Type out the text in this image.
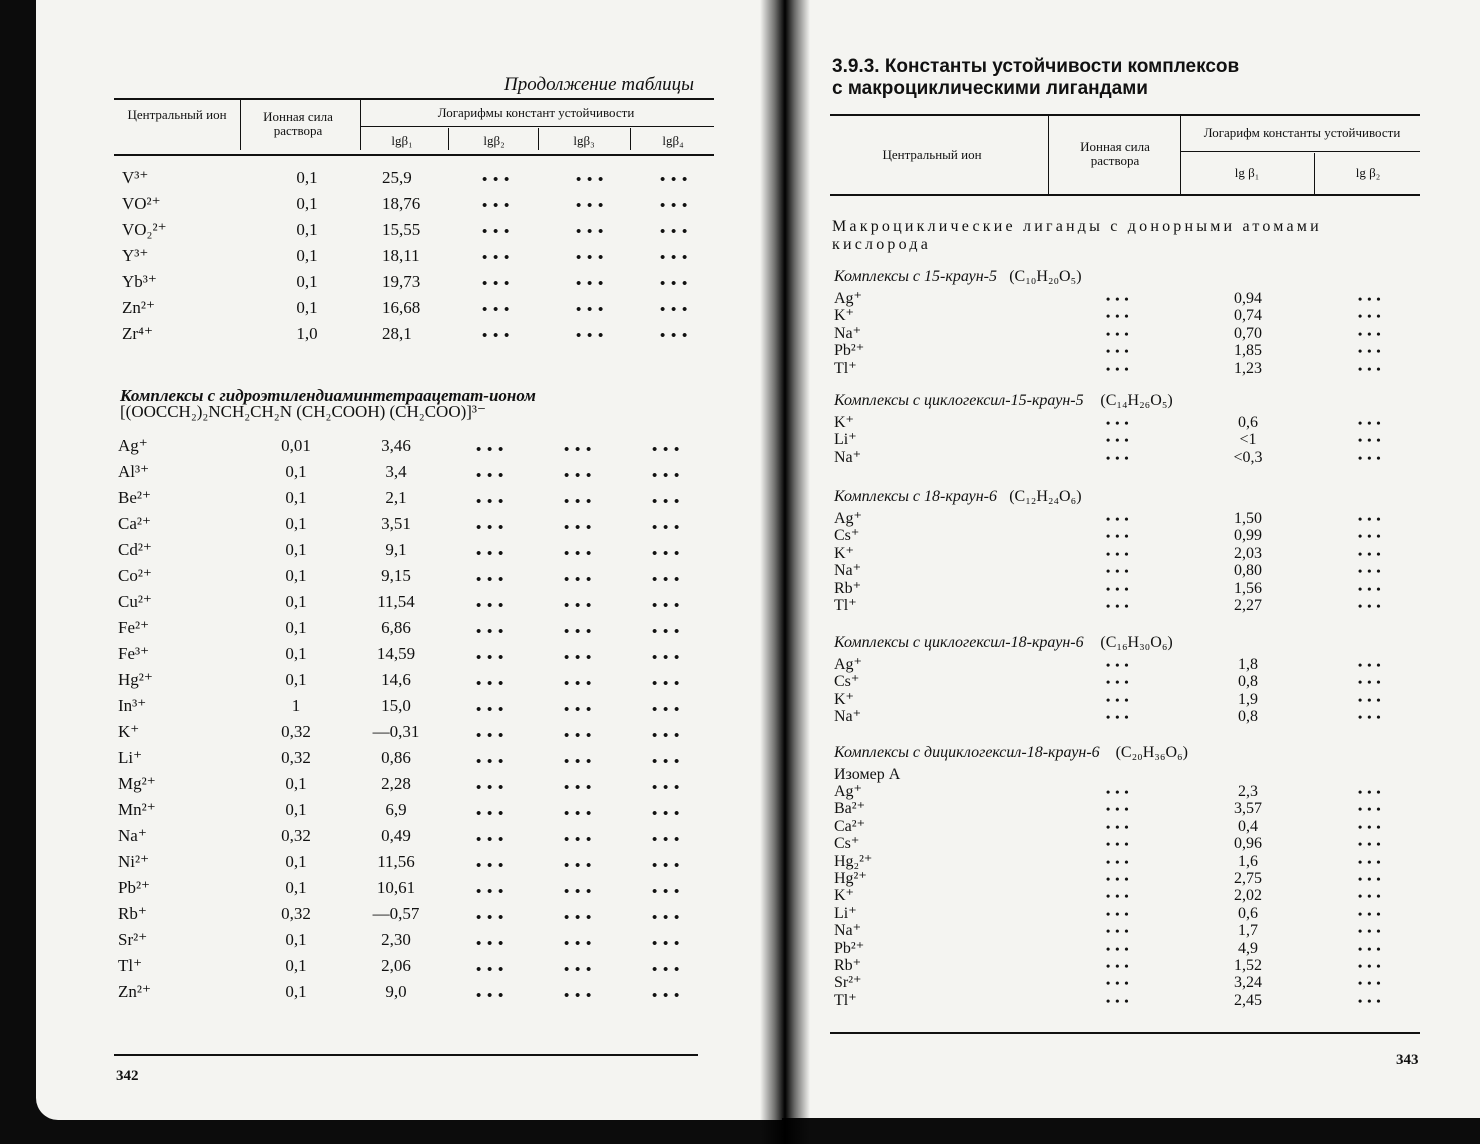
Продолжение таблицы
Центральный ион	Ионная сила раствора
Логарифмы констант устойчивости
lgβ₁	lgβ₂	lgβ₃	lgβ₄
V³⁺	0,1	25,9	• • •	• • •	• • •
VO²⁺	0,1	18,76	• • •	• • •	• • •
VO₂²⁺	0,1	15,55	• • •	• • •	• • •
Y³⁺	0,1	18,11	• • •	• • •	• • •
Yb³⁺	0,1	19,73	• • •	• • •	• • •
Zn²⁺	0,1	16,68	• • •	• • •	• • •
Zr⁴⁺	1,0	28,1	• • •	• • •	• • •
Комплексы с гидроэтилендиаминтетраацетат-ионом
[(OOCCH₂)₂NCH₂CH₂N (CH₂COOH) (CH₂COO)]³⁻
Ag⁺	0,01	3,46	• • •	• • •	• • •
Al³⁺	0,1	3,4	• • •	• • •	• • •
Be²⁺	0,1	2,1	• • •	• • •	• • •
Ca²⁺	0,1	3,51	• • •	• • •	• • •
Cd²⁺	0,1	9,1	• • •	• • •	• • •
Co²⁺	0,1	9,15	• • •	• • •	• • •
Cu²⁺	0,1	11,54	• • •	• • •	• • •
Fe²⁺	0,1	6,86	• • •	• • •	• • •
Fe³⁺	0,1	14,59	• • •	• • •	• • •
Hg²⁺	0,1	14,6	• • •	• • •	• • •
In³⁺	1	15,0	• • •	• • •	• • •
K⁺	0,32	—0,31	• • •	• • •	• • •
Li⁺	0,32	0,86	• • •	• • •	• • •
Mg²⁺	0,1	2,28	• • •	• • •	• • •
Mn²⁺	0,1	6,9	• • •	• • •	• • •
Na⁺	0,32	0,49	• • •	• • •	• • •
Ni²⁺	0,1	11,56	• • •	• • •	• • •
Pb²⁺	0,1	10,61	• • •	• • •	• • •
Rb⁺	0,32	—0,57	• • •	• • •	• • •
Sr²⁺	0,1	2,30	• • •	• • •	• • •
Tl⁺	0,1	2,06	• • •	• • •	• • •
Zn²⁺	0,1	9,0	• • •	• • •	• • •
342
3.9.3. Константы устойчивости комплексов
с макроциклическими лигандами
Центральный ион
Ионная сила раствора
Логарифм константы устойчивости
lg β₁	lg β₂
Макроциклические лиганды с донорными атомами кислорода
Комплексы с 15-краун-5 (C₁₀H₂₀O₅)
Ag⁺	• • •	0,94	• • •
K⁺	• • •	0,74	• • •
Na⁺	• • •	0,70	• • •
Pb²⁺	• • •	1,85	• • •
Tl⁺	• • •	1,23	• • •
Комплексы с циклогексил-15-краун-5 (C₁₄H₂₆O₅)
K⁺	• • •	0,6	• • •
Li⁺	• • •	<1	• • •
Na⁺	• • •	<0,3	• • •
Комплексы с 18-краун-6 (C₁₂H₂₄O₆)
Ag⁺	• • •	1,50	• • •
Cs⁺	• • •	0,99	• • •
K⁺	• • •	2,03	• • •
Na⁺	• • •	0,80	• • •
Rb⁺	• • •	1,56	• • •
Tl⁺	• • •	2,27	• • •
Комплексы с циклогексил-18-краун-6 (C₁₆H₃₀O₆)
Ag⁺	• • •	1,8	• • •
Cs⁺	• • •	0,8	• • •
K⁺	• • •	1,9	• • •
Na⁺	• • •	0,8	• • •
Комплексы с дициклогексил-18-краун-6 (C₂₀H₃₆O₆)
Изомер А
Ag⁺	• • •	2,3	• • •
Ba²⁺	• • •	3,57	• • •
Ca²⁺	• • •	0,4	• • •
Cs⁺	• • •	0,96	• • •
Hg₂²⁺	• • •	1,6	• • •
Hg²⁺	• • •	2,75	• • •
K⁺	• • •	2,02	• • •
Li⁺	• • •	0,6	• • •
Na⁺	• • •	1,7	• • •
Pb²⁺	• • •	4,9	• • •
Rb⁺	• • •	1,52	• • •
Sr²⁺	• • •	3,24	• • •
Tl⁺	• • •	2,45	• • •
343
